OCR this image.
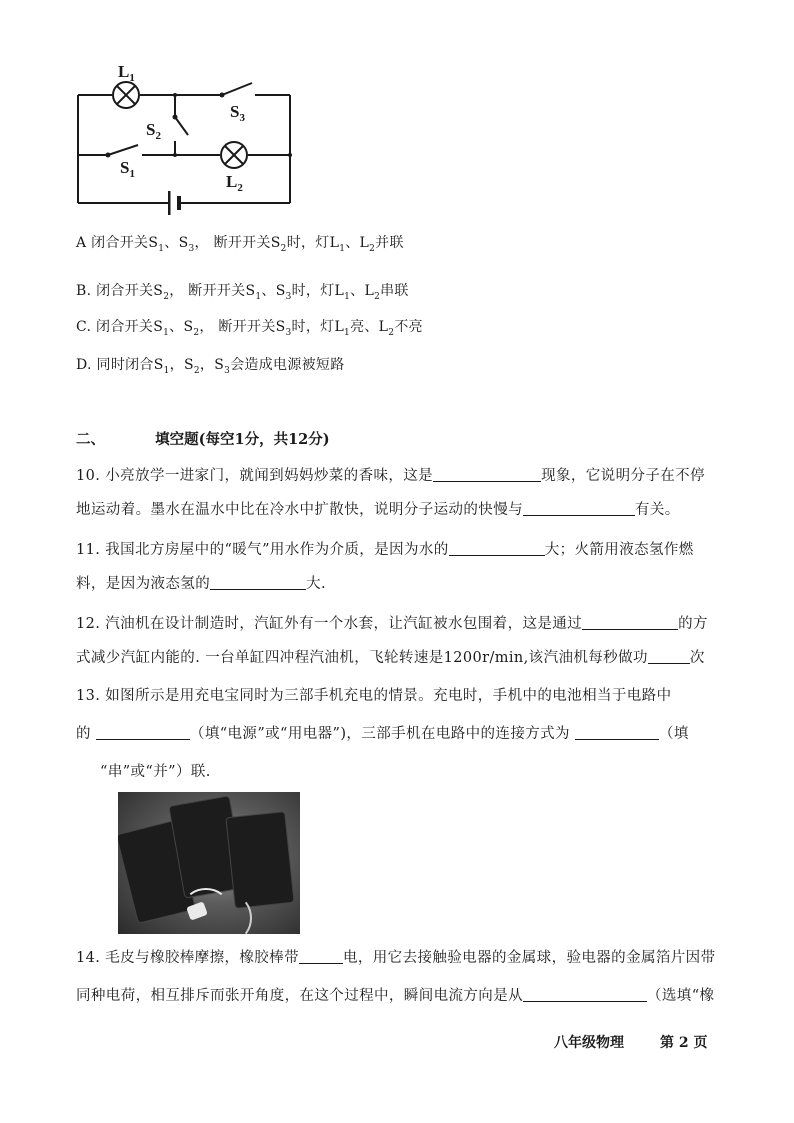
$L_1$
$S_3$
$S_2$
$S_1$	$L_2$
A 闭合开关$S_1$、$S_3$， 断开开关$S_2$时，灯$L_1$、$L_2$并联
B. 闭合开关$S_2$， 断开开关$S_1$、$S_3$时，灯$L_1$、$L_2$串联
C. 闭合开关$S_1$、$S_2$， 断开开关$S_3$时，灯$L_1$亮、$L_2$不亮
D. 同时闭合$S_1$，$S_2$，$S_3$会造成电源被短路
二、	填空题(每空1分，共12分)
10. 小亮放学一进家门，就闻到妈妈炒菜的香味，这是	现象，它说明分子在不停
地运动着。墨水在温水中比在冷水中扩散快，说明分子运动的快慢与	有关。
11. 我国北方房屋中的“暖气”用水作为介质，是因为水的	大；火箭用液态氢作燃
料，是因为液态氢的	大.
12. 汽油机在设计制造时，汽缸外有一个水套，让汽缸被水包围着，这是通过	的方
式减少汽缸内能的. 一台单缸四冲程汽油机，飞轮转速是1200r/min,该汽油机每秒做功	次
13. 如图所示是用充电宝同时为三部手机充电的情景。充电时，手机中的电池相当于电路中
的	（填“电源”或“用电器”)，三部手机在电路中的连接方式为	（填
“串”或“并”）联.
14. 毛皮与橡胶棒摩擦，橡胶棒带	电，用它去接触验电器的金属球，验电器的金属箔片因带
同种电荷，相互排斥而张开角度，在这个过程中，瞬间电流方向是从	（选填“橡
八年级物理	第 2 页
